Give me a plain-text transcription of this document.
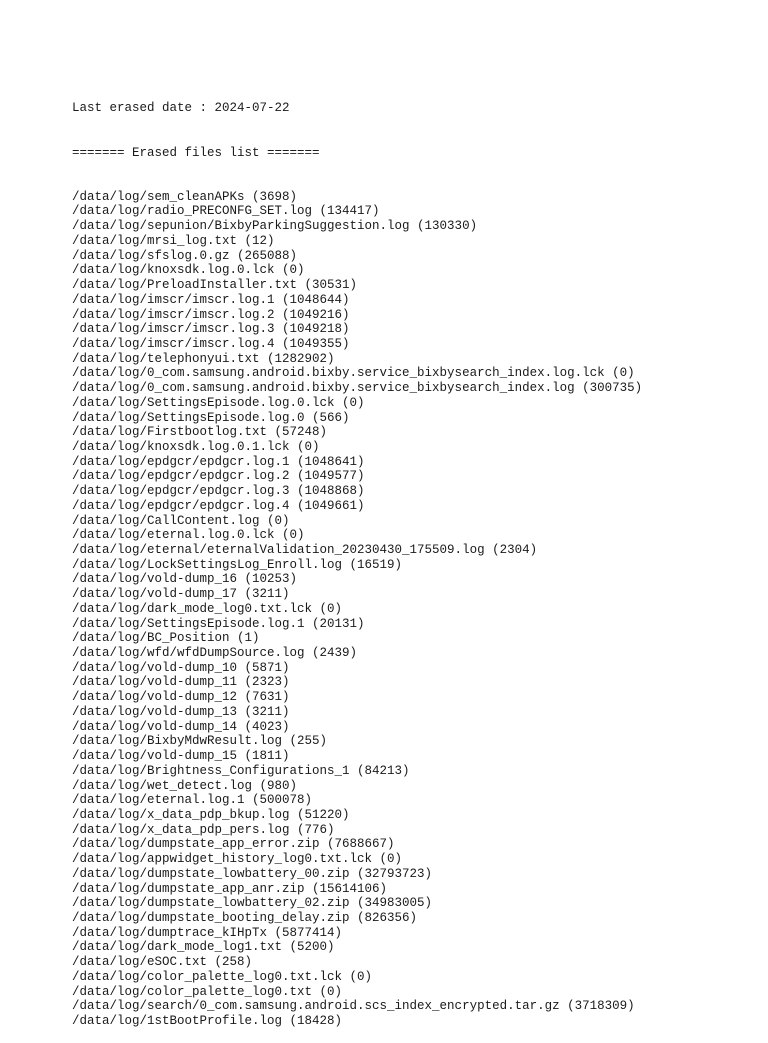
Last erased date : 2024-07-22

======= Erased files list =======

/data/log/sem_cleanAPKs (3698)
/data/log/radio_PRECONFG_SET.log (134417)
/data/log/sepunion/BixbyParkingSuggestion.log (130330)
/data/log/mrsi_log.txt (12)
/data/log/sfslog.0.gz (265088)
/data/log/knoxsdk.log.0.lck (0)
/data/log/PreloadInstaller.txt (30531)
/data/log/imscr/imscr.log.1 (1048644)
/data/log/imscr/imscr.log.2 (1049216)
/data/log/imscr/imscr.log.3 (1049218)
/data/log/imscr/imscr.log.4 (1049355)
/data/log/telephonyui.txt (1282902)
/data/log/0_com.samsung.android.bixby.service_bixbysearch_index.log.lck (0)
/data/log/0_com.samsung.android.bixby.service_bixbysearch_index.log (300735)
/data/log/SettingsEpisode.log.0.lck (0)
/data/log/SettingsEpisode.log.0 (566)
/data/log/Firstbootlog.txt (57248)
/data/log/knoxsdk.log.0.1.lck (0)
/data/log/epdgcr/epdgcr.log.1 (1048641)
/data/log/epdgcr/epdgcr.log.2 (1049577)
/data/log/epdgcr/epdgcr.log.3 (1048868)
/data/log/epdgcr/epdgcr.log.4 (1049661)
/data/log/CallContent.log (0)
/data/log/eternal.log.0.lck (0)
/data/log/eternal/eternalValidation_20230430_175509.log (2304)
/data/log/LockSettingsLog_Enroll.log (16519)
/data/log/vold-dump_16 (10253)
/data/log/vold-dump_17 (3211)
/data/log/dark_mode_log0.txt.lck (0)
/data/log/SettingsEpisode.log.1 (20131)
/data/log/BC_Position (1)
/data/log/wfd/wfdDumpSource.log (2439)
/data/log/vold-dump_10 (5871)
/data/log/vold-dump_11 (2323)
/data/log/vold-dump_12 (7631)
/data/log/vold-dump_13 (3211)
/data/log/vold-dump_14 (4023)
/data/log/BixbyMdwResult.log (255)
/data/log/vold-dump_15 (1811)
/data/log/Brightness_Configurations_1 (84213)
/data/log/wet_detect.log (980)
/data/log/eternal.log.1 (500078)
/data/log/x_data_pdp_bkup.log (51220)
/data/log/x_data_pdp_pers.log (776)
/data/log/dumpstate_app_error.zip (7688667)
/data/log/appwidget_history_log0.txt.lck (0)
/data/log/dumpstate_lowbattery_00.zip (32793723)
/data/log/dumpstate_app_anr.zip (15614106)
/data/log/dumpstate_lowbattery_02.zip (34983005)
/data/log/dumpstate_booting_delay.zip (826356)
/data/log/dumptrace_kIHpTx (5877414)
/data/log/dark_mode_log1.txt (5200)
/data/log/eSOC.txt (258)
/data/log/color_palette_log0.txt.lck (0)
/data/log/color_palette_log0.txt (0)
/data/log/search/0_com.samsung.android.scs_index_encrypted.tar.gz (3718309)
/data/log/1stBootProfile.log (18428)
